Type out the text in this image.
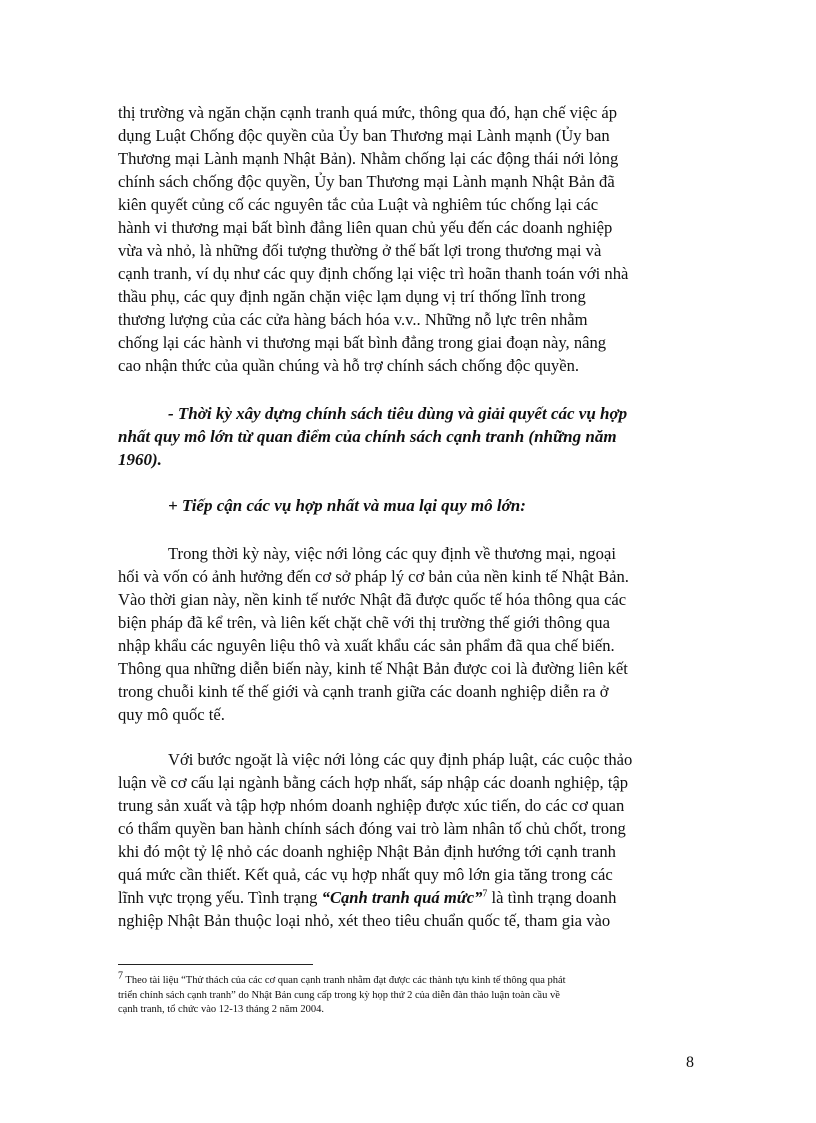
thị trường và ngăn chặn cạnh tranh quá mức, thông qua đó, hạn chế việc áp
dụng Luật Chống độc quyền của Ủy ban Thương mại Lành mạnh (Ủy ban
Thương mại Lành mạnh Nhật Bản). Nhằm chống lại các động thái nới lỏng
chính sách chống độc quyền, Ủy ban Thương mại Lành mạnh Nhật Bản đã
kiên quyết củng cố các nguyên tắc của Luật và nghiêm túc chống lại các
hành vi thương mại bất bình đẳng liên quan chủ yếu đến các doanh nghiệp
vừa và nhỏ, là những đối tượng thường ở thế bất lợi trong thương mại và
cạnh tranh, ví dụ như các quy định chống lại việc trì hoãn thanh toán với nhà
thầu phụ, các quy định ngăn chặn việc lạm dụng vị trí thống lĩnh trong
thương lượng của các cửa hàng bách hóa v.v.. Những nỗ lực trên nhằm
chống lại các hành vi thương mại bất bình đẳng trong giai đoạn này, nâng
cao nhận thức của quần chúng và hỗ trợ chính sách chống độc quyền.
- Thời kỳ xây dựng chính sách tiêu dùng và giải quyết các vụ hợp
nhất quy mô lớn từ quan điểm của chính sách cạnh tranh (những năm
1960).
+ Tiếp cận các vụ hợp nhất và mua lại quy mô lớn:
Trong thời kỳ này, việc nới lỏng các quy định về thương mại, ngoại
hối và vốn có ảnh hưởng đến cơ sở pháp lý cơ bản của nền kinh tế Nhật Bản.
Vào thời gian này, nền kinh tế nước Nhật đã được quốc tế hóa thông qua các
biện pháp đã kể trên, và liên kết chặt chẽ với thị trường thế giới thông qua
nhập khẩu các nguyên liệu thô và xuất khẩu các sản phẩm đã qua chế biến.
Thông qua những diễn biến này, kinh tế Nhật Bản được coi là đường liên kết
trong chuỗi kinh tế thế giới và cạnh tranh giữa các doanh nghiệp diễn ra ở
quy mô quốc tế.
Với bước ngoặt là việc nới lỏng các quy định pháp luật, các cuộc thảo
luận về cơ cấu lại ngành bằng cách hợp nhất, sáp nhập các doanh nghiệp, tập
trung sản xuất và tập hợp nhóm doanh nghiệp được xúc tiến, do các cơ quan
có thẩm quyền ban hành chính sách đóng vai trò làm nhân tố chủ chốt, trong
khi đó một tỷ lệ nhỏ các doanh nghiệp Nhật Bản định hướng tới cạnh tranh
quá mức cần thiết. Kết quả, các vụ hợp nhất quy mô lớn gia tăng trong các
lĩnh vực trọng yếu. Tình trạng “Cạnh tranh quá mức”$^7$ là tình trạng doanh
nghiệp Nhật Bản thuộc loại nhỏ, xét theo tiêu chuẩn quốc tế, tham gia vào
$^7$ Theo tài liệu “Thử thách của các cơ quan cạnh tranh nhằm đạt được các thành tựu kinh tế thông qua phát
triển chính sách cạnh tranh” do Nhật Bản cung cấp trong kỳ họp thứ 2 của diễn đàn thảo luận toàn cầu về
cạnh tranh, tổ chức vào 12-13 tháng 2 năm 2004.
8
